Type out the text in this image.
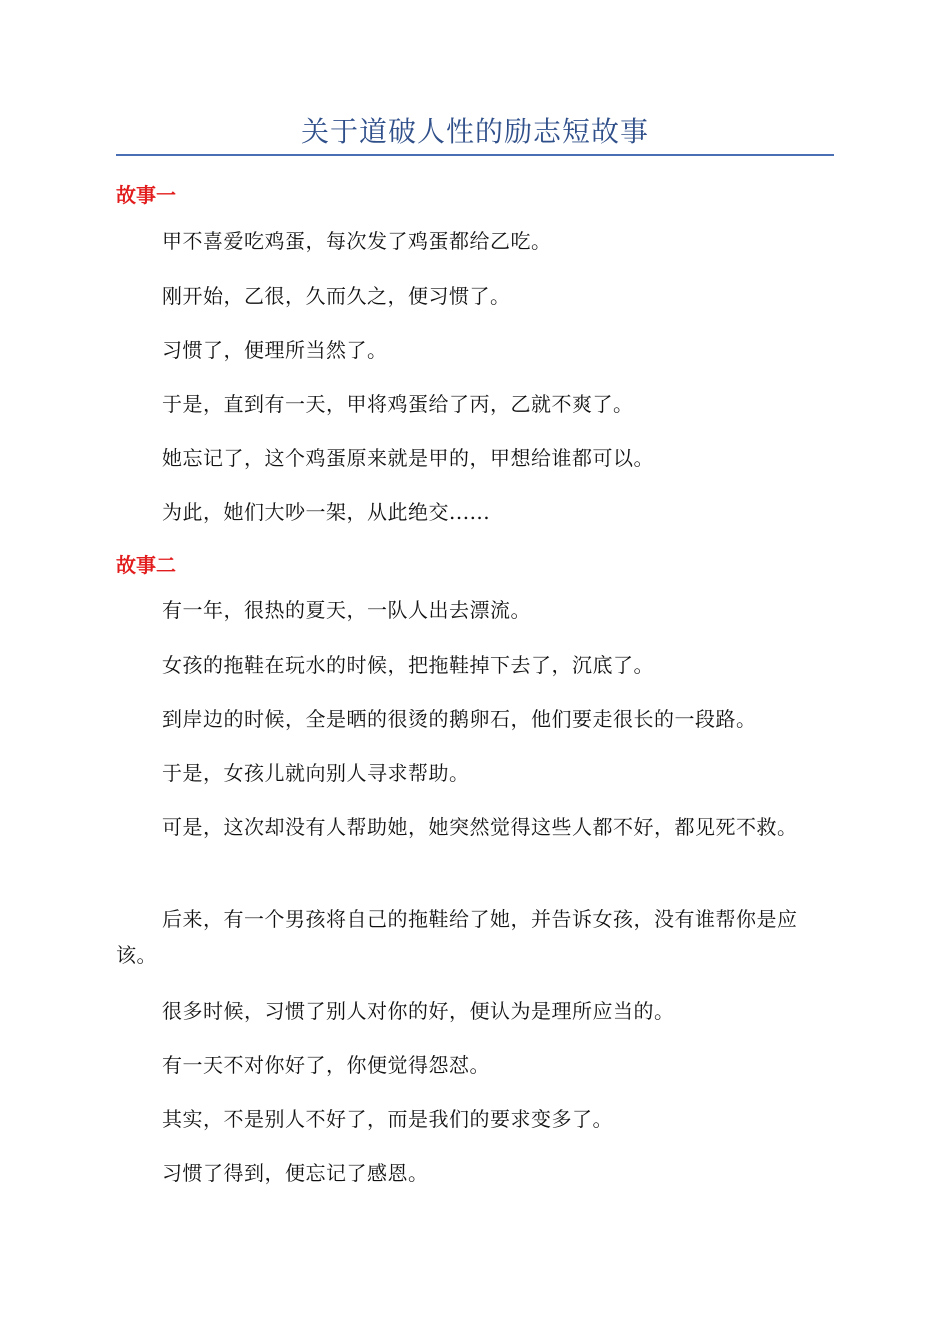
关于道破人性的励志短故事
故事一
甲不喜爱吃鸡蛋，每次发了鸡蛋都给乙吃。
刚开始，乙很，久而久之，便习惯了。
习惯了，便理所当然了。
于是，直到有一天，甲将鸡蛋给了丙，乙就不爽了。
她忘记了，这个鸡蛋原来就是甲的，甲想给谁都可以。
为此，她们大吵一架，从此绝交......
故事二
有一年，很热的夏天，一队人出去漂流。
女孩的拖鞋在玩水的时候，把拖鞋掉下去了，沉底了。
到岸边的时候，全是晒的很烫的鹅卵石，他们要走很长的一段路。
于是，女孩儿就向别人寻求帮助。
可是，这次却没有人帮助她，她突然觉得这些人都不好，都见死不救。
后来，有一个男孩将自己的拖鞋给了她，并告诉女孩，没有谁帮你是应该。
很多时候，习惯了别人对你的好，便认为是理所应当的。
有一天不对你好了，你便觉得怨怼。
其实，不是别人不好了，而是我们的要求变多了。
习惯了得到，便忘记了感恩。
